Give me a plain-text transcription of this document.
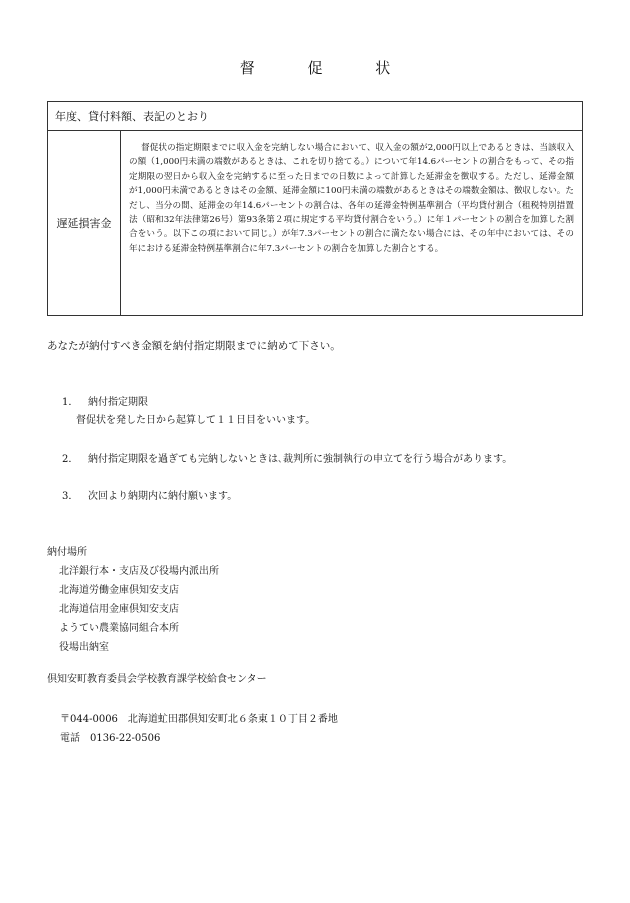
督	促	状
年度、貸付料額、表記のとおり
遅延損害金	督促状の指定期限までに収入金を完納しない場合において、収入金の額が2,000円以上であるときは、当該収入の額（1,000円未満の端数があるときは、これを切り捨てる。）について年14.6パーセントの割合をもって、その指定期限の翌日から収入金を完納するに至った日までの日数によって計算した延滞金を徴収する。ただし、延滞金額が1,000円未満であるときはその金額、延滞金額に100円未満の端数があるときはその端数金額は、徴収しない。ただし、当分の間、延滞金の年14.6パーセントの割合は、各年の延滞金特例基準割合（平均貸付割合（租税特別措置法（昭和32年法律第26号）第93条第２項に規定する平均貸付割合をいう。）に年１パーセントの割合を加算した割合をいう。以下この項において同じ。）が年7.3パーセントの割合に満たない場合には、その年中においては、その年における延滞金特例基準割合に年7.3パーセントの割合を加算した割合とする。
あなたが納付すべき金額を納付指定期限までに納めて下さい。
1． 納付指定期限
督促状を発した日から起算して１１日目をいいます。
2． 納付指定期限を過ぎても完納しないときは､裁判所に強制執行の申立てを行う場合があります。
3． 次回より納期内に納付願います。
納付場所
北洋銀行本・支店及び役場内派出所
北海道労働金庫倶知安支店
北海道信用金庫倶知安支店
ようてい農業協同組合本所
役場出納室
倶知安町教育委員会学校教育課学校給食センター
〒044-0006　北海道虻田郡倶知安町北６条東１０丁目２番地
電話　0136-22-0506
